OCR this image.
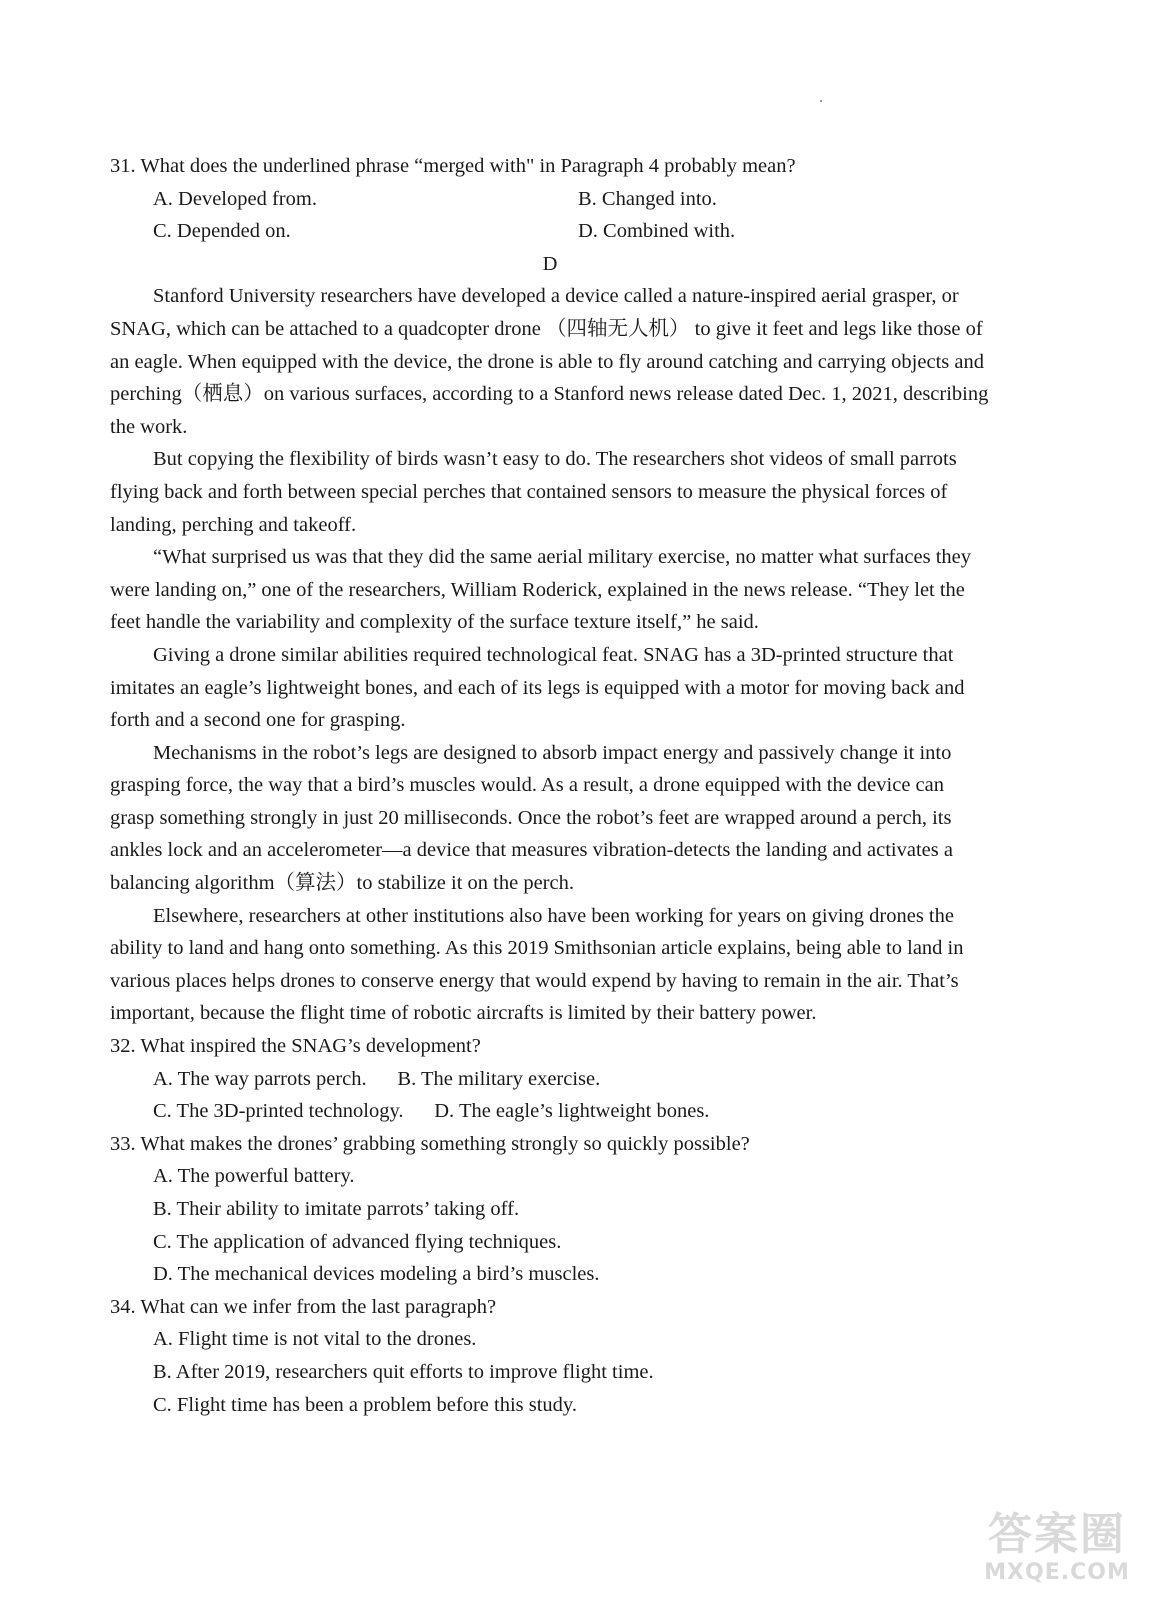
31. What does the underlined phrase “merged with" in Paragraph 4 probably mean?
A. Developed from.	B. Changed into.
C. Depended on.	D. Combined with.
D
Stanford University researchers have developed a device called a nature-inspired aerial grasper, or
SNAG, which can be attached to a quadcopter drone （四轴无人机） to give it feet and legs like those of
an eagle. When equipped with the device, the drone is able to fly around catching and carrying objects and
perching（栖息）on various surfaces, according to a Stanford news release dated Dec. 1, 2021, describing
the work.
But copying the flexibility of birds wasn’t easy to do. The researchers shot videos of small parrots
flying back and forth between special perches that contained sensors to measure the physical forces of
landing, perching and takeoff.
“What surprised us was that they did the same aerial military exercise, no matter what surfaces they
were landing on,” one of the researchers, William Roderick, explained in the news release. “They let the
feet handle the variability and complexity of the surface texture itself,” he said.
Giving a drone similar abilities required technological feat. SNAG has a 3D-printed structure that
imitates an eagle’s lightweight bones, and each of its legs is equipped with a motor for moving back and
forth and a second one for grasping.
Mechanisms in the robot’s legs are designed to absorb impact energy and passively change it into
grasping force, the way that a bird’s muscles would. As a result, a drone equipped with the device can
grasp something strongly in just 20 milliseconds. Once the robot’s feet are wrapped around a perch, its
ankles lock and an accelerometer—a device that measures vibration-detects the landing and activates a
balancing algorithm（算法）to stabilize it on the perch.
Elsewhere, researchers at other institutions also have been working for years on giving drones the
ability to land and hang onto something. As this 2019 Smithsonian article explains, being able to land in
various places helps drones to conserve energy that would expend by having to remain in the air. That’s
important, because the flight time of robotic aircrafts is limited by their battery power.
32. What inspired the SNAG’s development?
A. The way parrots perch.      B. The military exercise.
C. The 3D-printed technology.      D. The eagle’s lightweight bones.
33. What makes the drones’ grabbing something strongly so quickly possible?
A. The powerful battery.
B. Their ability to imitate parrots’ taking off.
C. The application of advanced flying techniques.
D. The mechanical devices modeling a bird’s muscles.
34. What can we infer from the last paragraph?
A. Flight time is not vital to the drones.
B. After 2019, researchers quit efforts to improve flight time.
C. Flight time has been a problem before this study.
答案圈
MXQE.COM
